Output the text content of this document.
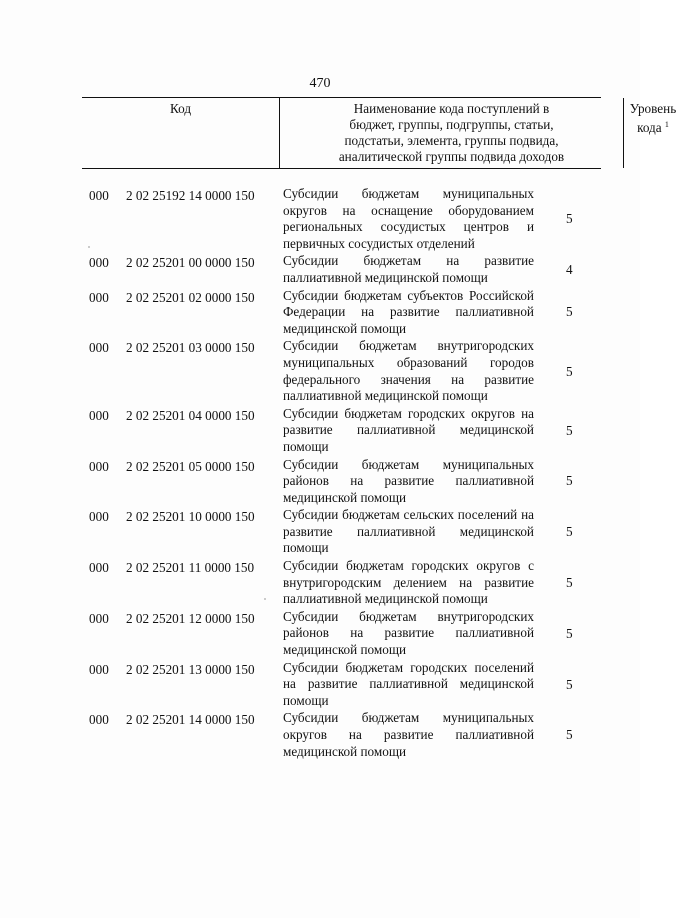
470
Код	Наименование кода поступлений в
бюджет, группы, подгруппы, статьи,
подстатьи, элемента, группы подвида,
аналитической группы подвида доходов
Уровень
кода $^1$
000 2 02 25192 14 0000 150 Субсидии бюджетам муниципальных округов на оснащение оборудованием региональных сосудистых центров и первичных сосудистых отделений
5
000 2 02 25201 00 0000 150 Субсидии бюджетам на развитие паллиативной медицинской помощи
4
000 2 02 25201 02 0000 150 Субсидии бюджетам субъектов Российской Федерации на развитие паллиативной медицинской помощи
5
000 2 02 25201 03 0000 150 Субсидии бюджетам внутригородских муниципальных образований городов федерального значения на развитие паллиативной медицинской помощи
5
000 2 02 25201 04 0000 150 Субсидии бюджетам городских округов на развитие паллиативной медицинской помощи
5
000 2 02 25201 05 0000 150 Субсидии бюджетам муниципальных районов на развитие паллиативной медицинской помощи
5
000 2 02 25201 10 0000 150 Субсидии бюджетам сельских поселений на развитие паллиативной медицинской помощи
5
000 2 02 25201 11 0000 150 Субсидии бюджетам городских округов с внутригородским делением на развитие паллиативной медицинской помощи
5
000 2 02 25201 12 0000 150 Субсидии бюджетам внутригородских районов на развитие паллиативной медицинской помощи
5
000 2 02 25201 13 0000 150 Субсидии бюджетам городских поселений на развитие паллиативной медицинской помощи
5
000 2 02 25201 14 0000 150 Субсидии бюджетам муниципальных округов на развитие паллиативной медицинской помощи
5
